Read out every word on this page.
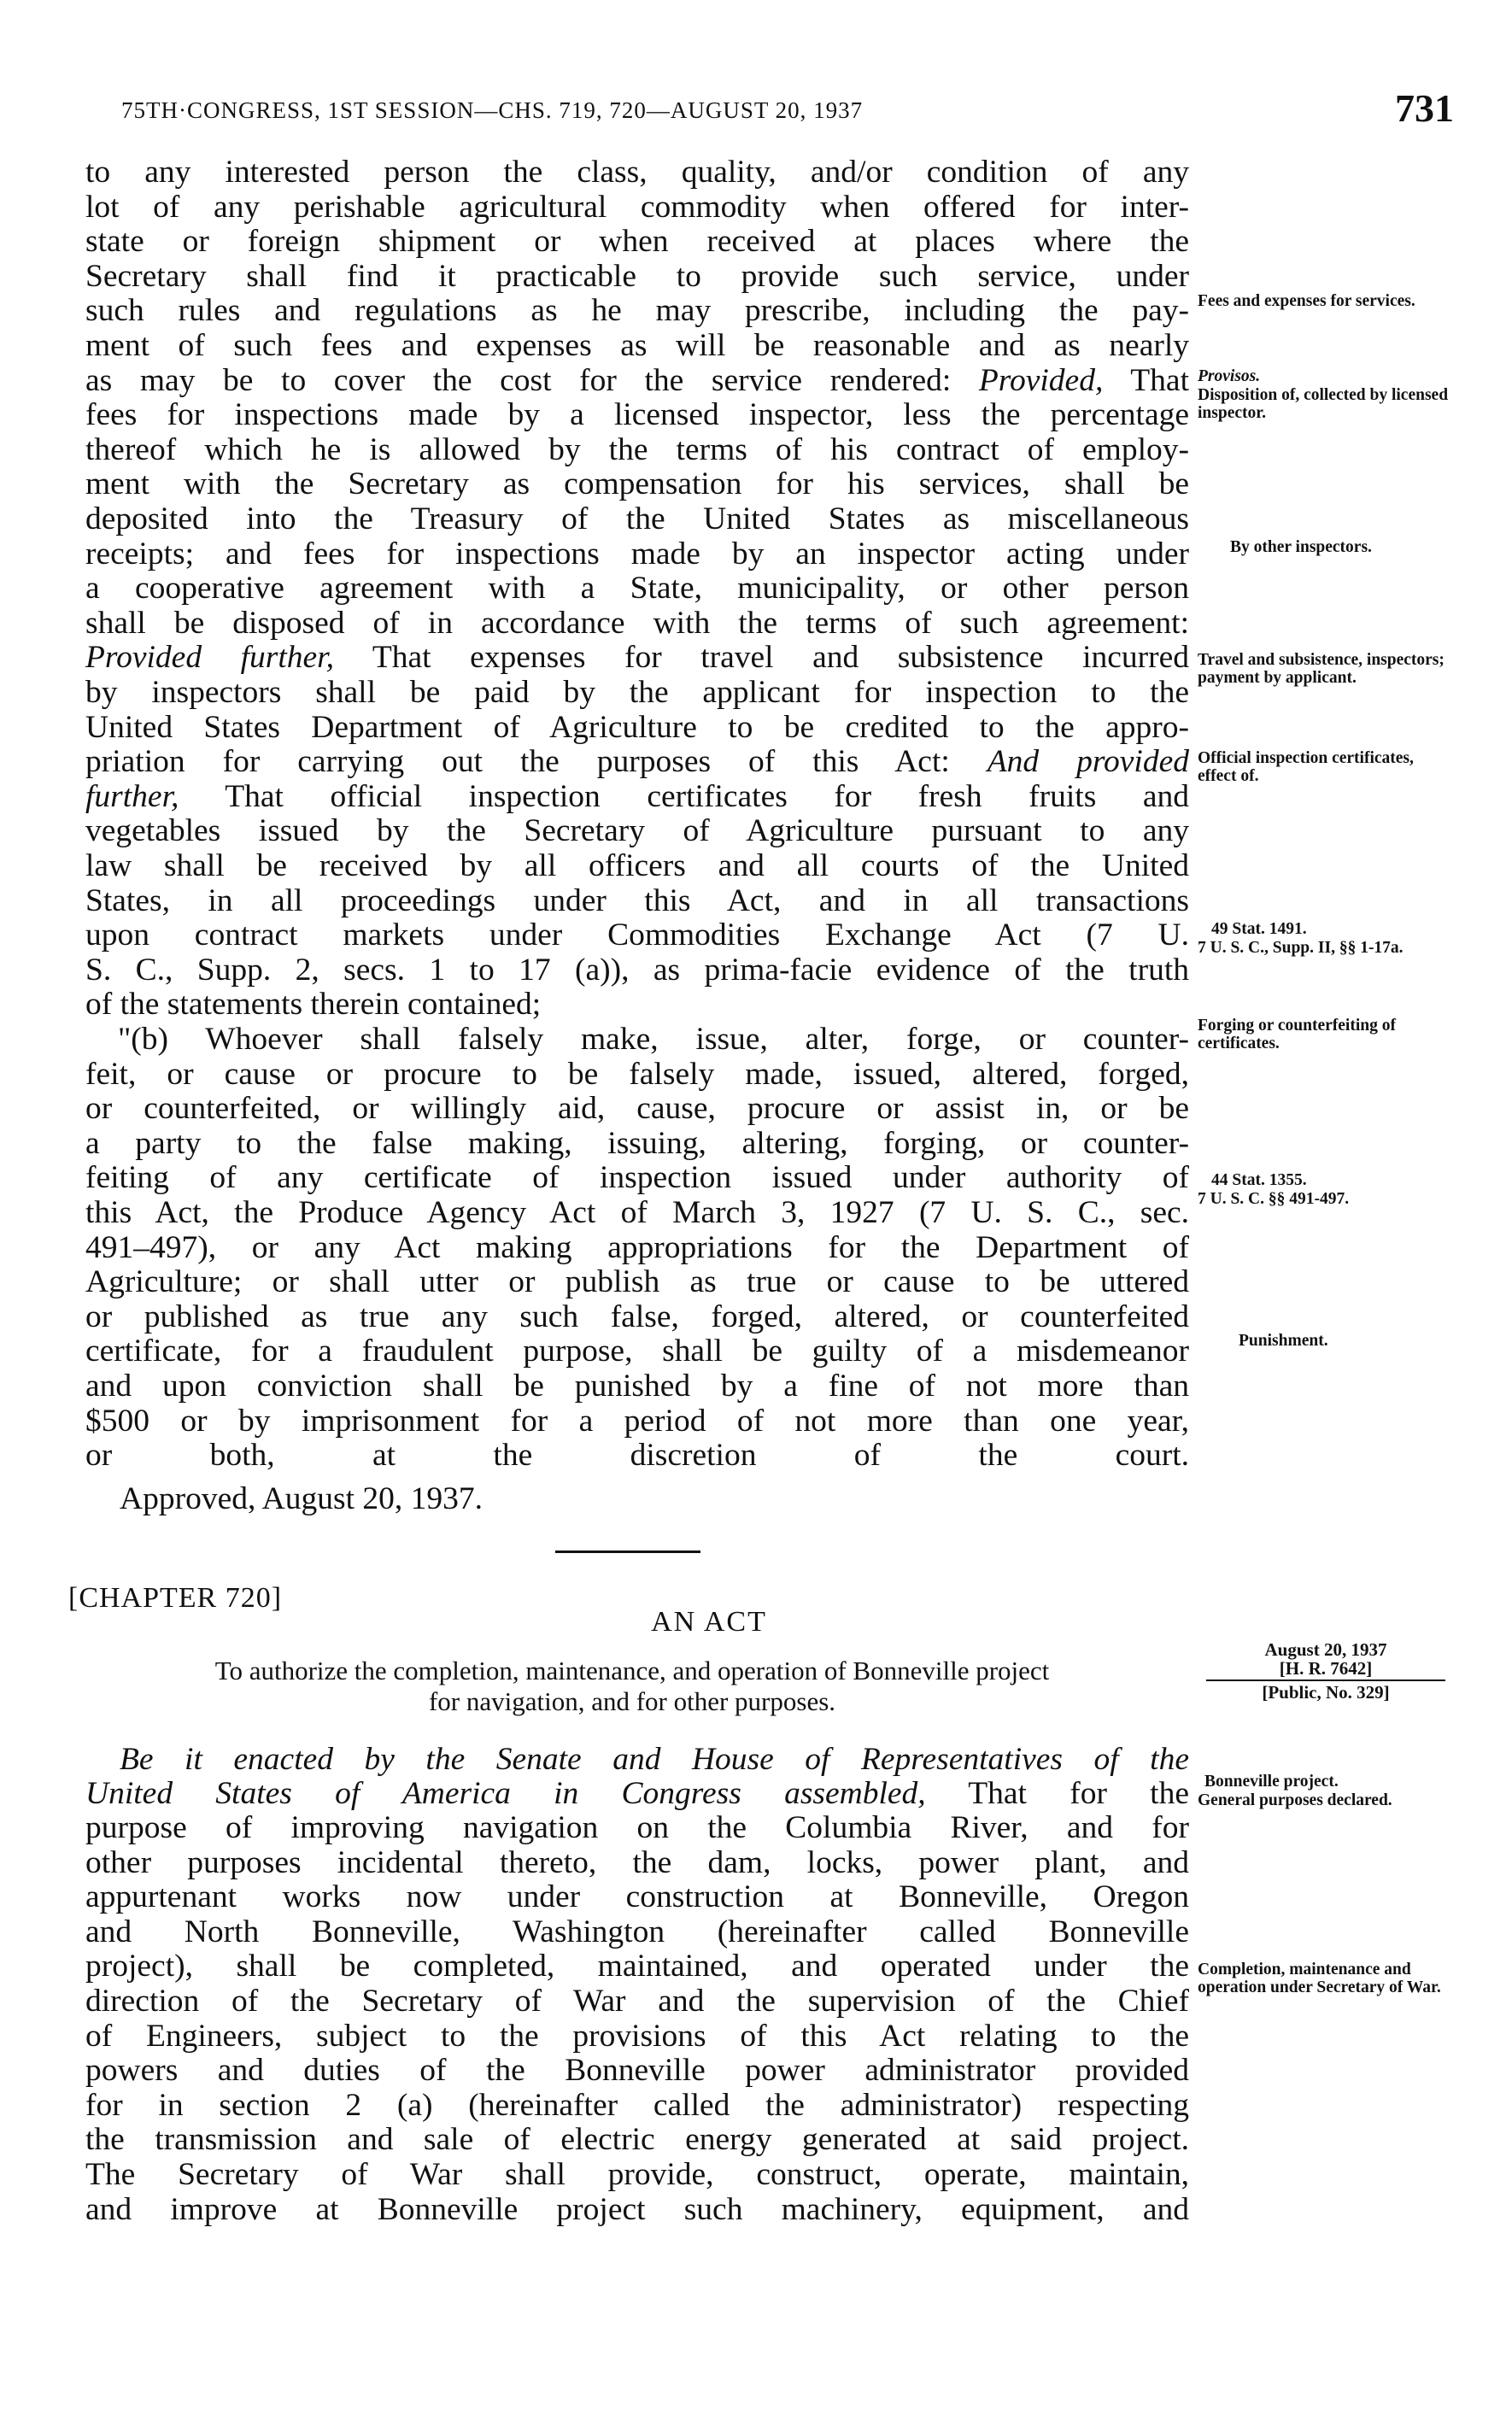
75TH·CONGRESS, 1ST SESSION—CHS. 719, 720—AUGUST 20, 1937	731
to any interested person the class, quality, and/or condition of any
lot of any perishable agricultural commodity when offered for inter-
state or foreign shipment or when received at places where the
Secretary shall find it practicable to provide such service, under
such rules and regulations as he may prescribe, including the pay-
ment of such fees and expenses as will be reasonable and as nearly
as may be to cover the cost for the service rendered: Provided, That
fees for inspections made by a licensed inspector, less the percentage
thereof which he is allowed by the terms of his contract of employ-
ment with the Secretary as compensation for his services, shall be
deposited into the Treasury of the United States as miscellaneous
receipts; and fees for inspections made by an inspector acting under
a cooperative agreement with a State, municipality, or other person
shall be disposed of in accordance with the terms of such agreement:
Provided further, That expenses for travel and subsistence incurred
by inspectors shall be paid by the applicant for inspection to the
United States Department of Agriculture to be credited to the appro-
priation for carrying out the purposes of this Act: And provided
further, That official inspection certificates for fresh fruits and
vegetables issued by the Secretary of Agriculture pursuant to any
law shall be received by all officers and all courts of the United
States, in all proceedings under this Act, and in all transactions
upon contract markets under Commodities Exchange Act (7 U.
S. C., Supp. 2, secs. 1 to 17 (a)), as prima-facie evidence of the truth
of the statements therein contained;
"(b) Whoever shall falsely make, issue, alter, forge, or counter-
feit, or cause or procure to be falsely made, issued, altered, forged,
or counterfeited, or willingly aid, cause, procure or assist in, or be
a party to the false making, issuing, altering, forging, or counter-
feiting of any certificate of inspection issued under authority of
this Act, the Produce Agency Act of March 3, 1927 (7 U. S. C., sec.
491–497), or any Act making appropriations for the Department of
Agriculture; or shall utter or publish as true or cause to be uttered
or published as true any such false, forged, altered, or counterfeited
certificate, for a fraudulent purpose, shall be guilty of a misdemeanor
and upon conviction shall be punished by a fine of not more than
$500 or by imprisonment for a period of not more than one year,
or both, at the discretion of the court.
Approved, August 20, 1937.
Fees and expenses for services.
Provisos.
Disposition of, collected by licensed inspector.
By other inspectors.
Travel and subsistence, inspectors; payment by applicant.
Official inspection certificates, effect of.
49 Stat. 1491.
7 U. S. C., Supp. II, §§ 1-17a.
Forging or counterfeiting of certificates.
44 Stat. 1355.
7 U. S. C. §§ 491-497.
Punishment.
[CHAPTER 720]
AN ACT
To authorize the completion, maintenance, and operation of Bonneville project
for navigation, and for other purposes.
August 20, 1937
[H. R. 7642]
[Public, No. 329]
Be it enacted by the Senate and House of Representatives of the
United States of America in Congress assembled, That for the
purpose of improving navigation on the Columbia River, and for
other purposes incidental thereto, the dam, locks, power plant, and
appurtenant works now under construction at Bonneville, Oregon
and North Bonneville, Washington (hereinafter called Bonneville
project), shall be completed, maintained, and operated under the
direction of the Secretary of War and the supervision of the Chief
of Engineers, subject to the provisions of this Act relating to the
powers and duties of the Bonneville power administrator provided
for in section 2 (a) (hereinafter called the administrator) respecting
the transmission and sale of electric energy generated at said project.
The Secretary of War shall provide, construct, operate, maintain,
and improve at Bonneville project such machinery, equipment, and
Bonneville project.
General purposes declared.
Completion, maintenance and operation under Secretary of War.
